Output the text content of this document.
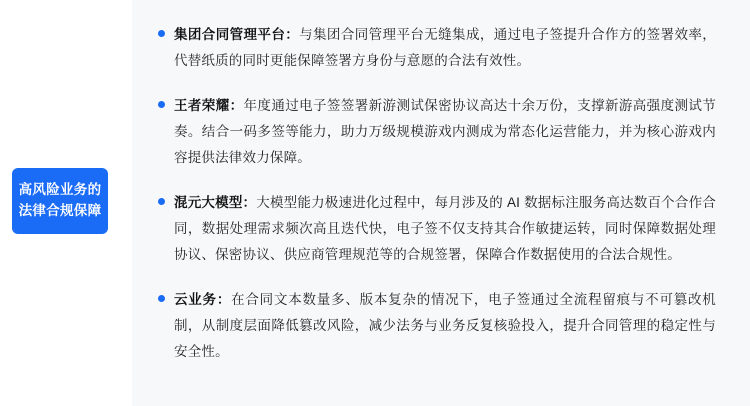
高风险业务的法律合规保障

集团合同管理平台：与集团合同管理平台无缝集成，通过电子签提升合作方的签署效率，代替纸质的同时更能保障签署方身份与意愿的合法有效性。

王者荣耀：年度通过电子签签署新游测试保密协议高达十余万份，支撑新游高强度测试节奏。结合一码多签等能力，助力万级规模游戏内测成为常态化运营能力，并为核心游戏内容提供法律效力保障。

混元大模型：大模型能力极速进化过程中，每月涉及的 AI 数据标注服务高达数百个合作合同，数据处理需求频次高且迭代快，电子签不仅支持其合作敏捷运转，同时保障数据处理协议、保密协议、供应商管理规范等的合规签署，保障合作数据使用的合法合规性。

云业务：在合同文本数量多、版本复杂的情况下，电子签通过全流程留痕与不可篡改机制，从制度层面降低篡改风险，减少法务与业务反复核验投入，提升合同管理的稳定性与安全性。
